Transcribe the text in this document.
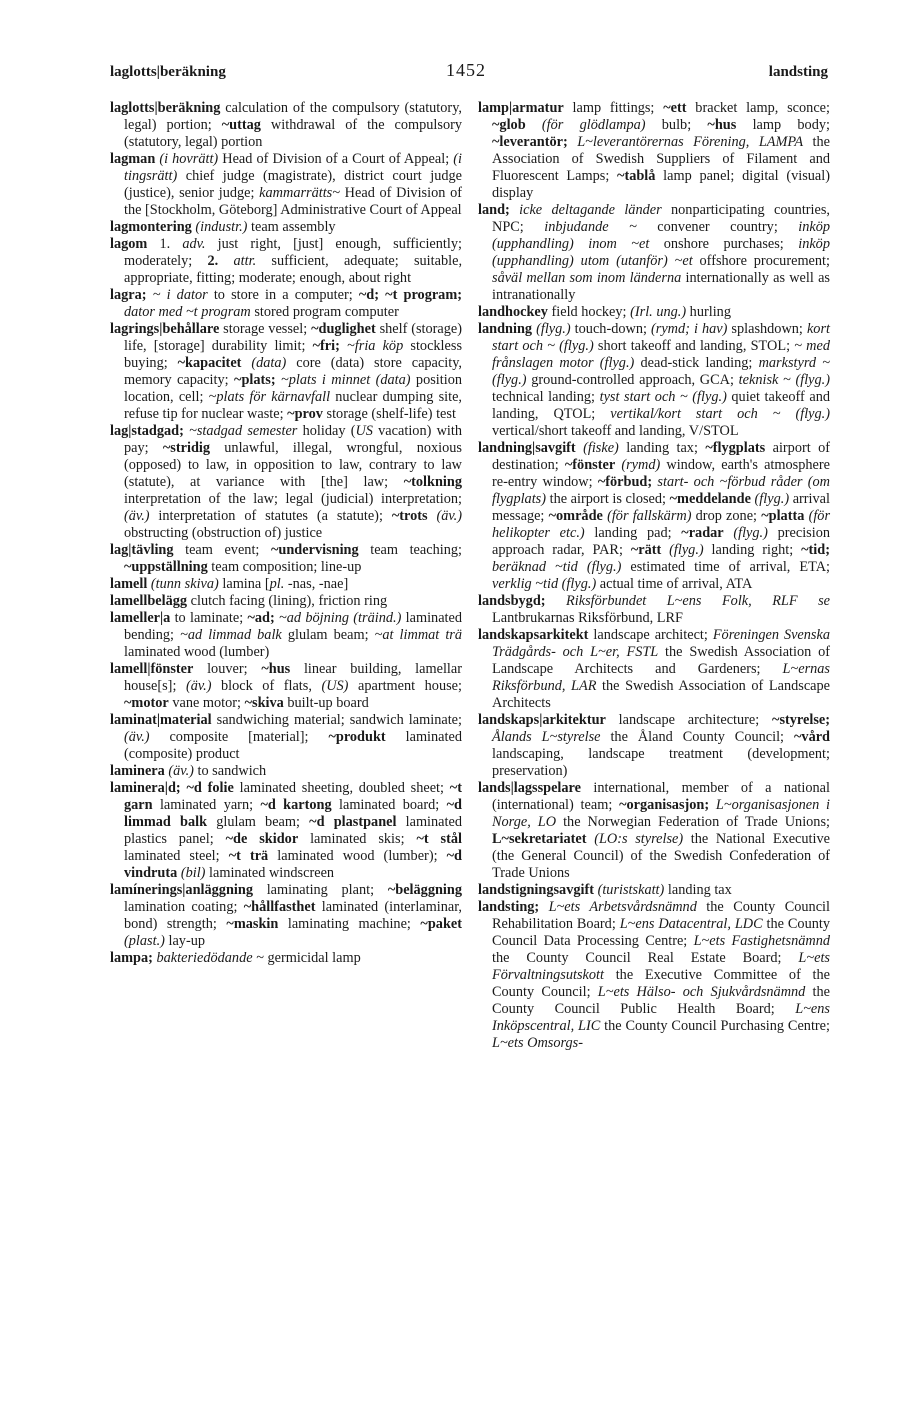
laglotts|beräkning	1452	landsting

laglotts|beräkning calculation of the compulsory (statutory, legal) portion; ~uttag withdrawal of the compulsory (statutory, legal) portion

lagman (i hovrätt) Head of Division of a Court of Appeal; (i tingsrätt) chief judge (magistrate), district court judge (justice), senior judge; kammarrätts~ Head of Division of the [Stockholm, Göteborg] Administrative Court of Appeal

lagmontering (industr.) team assembly

lagom 1. adv. just right, [just] enough, sufficiently; moderately; 2. attr. sufficient, adequate; suitable, appropriate, fitting; moderate; enough, about right

lagra; ~ i dator to store in a computer; ~d; ~t program; dator med ~t program stored program computer

lagrings|behållare storage vessel; ~duglighet shelf (storage) life, [storage] durability limit; ~fri; ~fria köp stockless buying; ~kapacitet (data) core (data) store capacity, memory capacity; ~plats; ~plats i minnet (data) position location, cell; ~plats för kärnavfall nuclear dumping site, refuse tip for nuclear waste; ~prov storage (shelf-life) test

lag|stadgad; ~stadgad semester holiday (US vacation) with pay; ~stridig unlawful, illegal, wrongful, noxious (opposed) to law, in opposition to law, contrary to law (statute), at variance with [the] law; ~tolkning interpretation of the law; legal (judicial) interpretation; (äv.) interpretation of statutes (a statute); ~trots (äv.) obstructing (obstruction of) justice

lag|tävling team event; ~undervisning team teaching; ~uppställning team composition; line-up

lamell (tunn skiva) lamina [pl. -nas, -nae]

lamellbelägg clutch facing (lining), friction ring

lameller|a to laminate; ~ad; ~ad böjning (träind.) laminated bending; ~ad limmad balk glulam beam; ~at limmat trä laminated wood (lumber)

lamell|fönster louver; ~hus linear building, lamellar house[s]; (äv.) block of flats, (US) apartment house; ~motor vane motor; ~skiva built-up board

laminat|material sandwiching material; sandwich laminate; (äv.) composite [material]; ~produkt laminated (composite) product

laminera (äv.) to sandwich

laminera|d; ~d folie laminated sheeting, doubled sheet; ~t garn laminated yarn; ~d kartong laminated board; ~d limmad balk glulam beam; ~d plastpanel laminated plastics panel; ~de skidor laminated skis; ~t stål laminated steel; ~t trä laminated wood (lumber); ~d vindruta (bil) laminated windscreen

lamínerings|anläggning laminating plant; ~beläggning lamination coating; ~hållfasthet laminated (interlaminar, bond) strength; ~maskin laminating machine; ~paket (plast.) lay-up

lampa; bakteriedödande ~ germicidal lamp

lamp|armatur lamp fittings; ~ett bracket lamp, sconce; ~glob (för glödlampa) bulb; ~hus lamp body; ~leverantör; L~leverantörernas Förening, LAMPA the Association of Swedish Suppliers of Filament and Fluorescent Lamps; ~tablå lamp panel; digital (visual) display

land; icke deltagande länder nonparticipating countries, NPC; inbjudande ~ convener country; inköp (upphandling) inom ~et onshore purchases; inköp (upphandling) utom (utanför) ~et offshore procurement; såväl mellan som inom länderna internationally as well as intranationally

landhockey field hockey; (Irl. ung.) hurling

landning (flyg.) touch-down; (rymd; i hav) splashdown; kort start och ~ (flyg.) short takeoff and landing, STOL; ~ med frånslagen motor (flyg.) dead-stick landing; markstyrd ~ (flyg.) ground-controlled approach, GCA; teknisk ~ (flyg.) technical landing; tyst start och ~ (flyg.) quiet takeoff and landing, QTOL; vertikal/kort start och ~ (flyg.) vertical/short takeoff and landing, V/STOL

landning|savgift (fiske) landing tax; ~flygplats airport of destination; ~fönster (rymd) window, earth's atmosphere re-entry window; ~förbud; start- och ~förbud råder (om flygplats) the airport is closed; ~meddelande (flyg.) arrival message; ~område (för fallskärm) drop zone; ~platta (för helikopter etc.) landing pad; ~radar (flyg.) precision approach radar, PAR; ~rätt (flyg.) landing right; ~tid; beräknad ~tid (flyg.) estimated time of arrival, ETA; verklig ~tid (flyg.) actual time of arrival, ATA

landsbygd; Riksförbundet L~ens Folk, RLF se Lantbrukarnas Riksförbund, LRF

landskapsarkitekt landscape architect; Föreningen Svenska Trädgårds- och L~er, FSTL the Swedish Association of Landscape Architects and Gardeners; L~ernas Riksförbund, LAR the Swedish Association of Landscape Architects

landskaps|arkitektur landscape architecture; ~styrelse; Ålands L~styrelse the Åland County Council; ~vård landscaping, landscape treatment (development; preservation)

lands|lagsspelare international, member of a national (international) team; ~organisasjon; L~organisasjonen i Norge, LO the Norwegian Federation of Trade Unions; L~sekretariatet (LO:s styrelse) the National Executive (the General Council) of the Swedish Confederation of Trade Unions

landstigningsavgift (turistskatt) landing tax

landsting; L~ets Arbetsvårdsnämnd the County Council Rehabilitation Board; L~ens Datacentral, LDC the County Council Data Processing Centre; L~ets Fastighetsnämnd the County Council Real Estate Board; L~ets Förvaltningsutskott the Executive Committee of the County Council; L~ets Hälso- och Sjukvårdsnämnd the County Council Public Health Board; L~ens Inköpscentral, LIC the County Council Purchasing Centre; L~ets Omsorgs-
